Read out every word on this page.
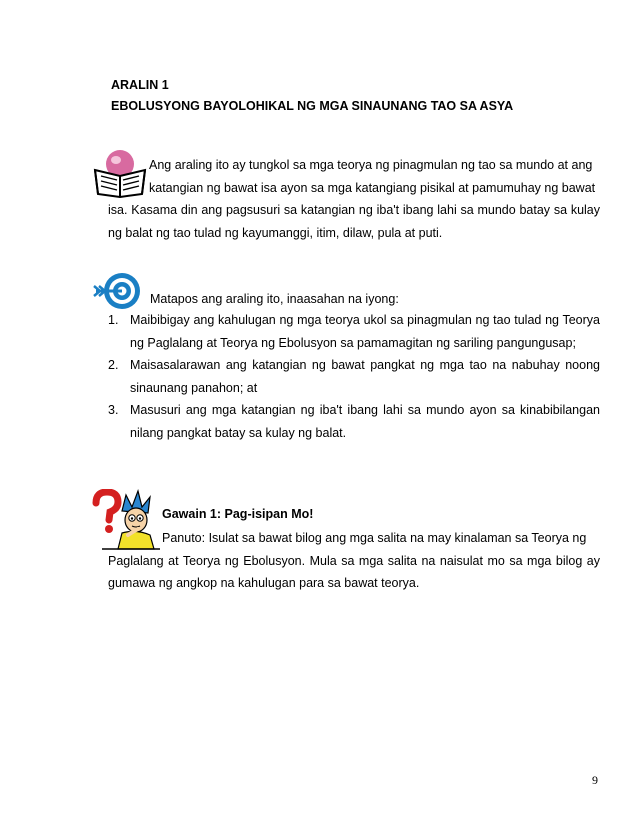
ARALIN 1
EBOLUSYONG BAYOLOHIKAL NG MGA SINAUNANG TAO SA ASYA
Ang araling ito ay tungkol sa mga teorya ng pinagmulan ng tao sa mundo at ang
katangian ng bawat isa ayon sa mga katangiang pisikal at pamumuhay ng bawat
isa. Kasama din ang pagsusuri sa katangian ng iba't ibang lahi sa mundo batay sa kulay ng balat ng tao tulad ng kayumanggi, itim, dilaw, pula at puti.
Matapos ang araling ito, inaasahan na iyong:
1. Maibibigay ang kahulugan ng mga teorya ukol sa pinagmulan ng tao tulad ng Teorya ng Paglalang at Teorya ng Ebolusyon sa pamamagitan ng sariling pangungusap;
2. Maisasalarawan ang katangian ng bawat pangkat ng mga tao na nabuhay noong sinaunang panahon; at
3. Masusuri ang mga katangian ng iba't ibang lahi sa mundo ayon sa kinabibilangan nilang pangkat batay sa kulay ng balat.
Gawain 1: Pag-isipan Mo!
Panuto: Isulat sa bawat bilog ang mga salita na may kinalaman sa Teorya ng
Paglalang at Teorya ng Ebolusyon. Mula sa mga salita na naisulat mo sa mga bilog ay gumawa ng angkop na kahulugan para sa bawat teorya.
9
